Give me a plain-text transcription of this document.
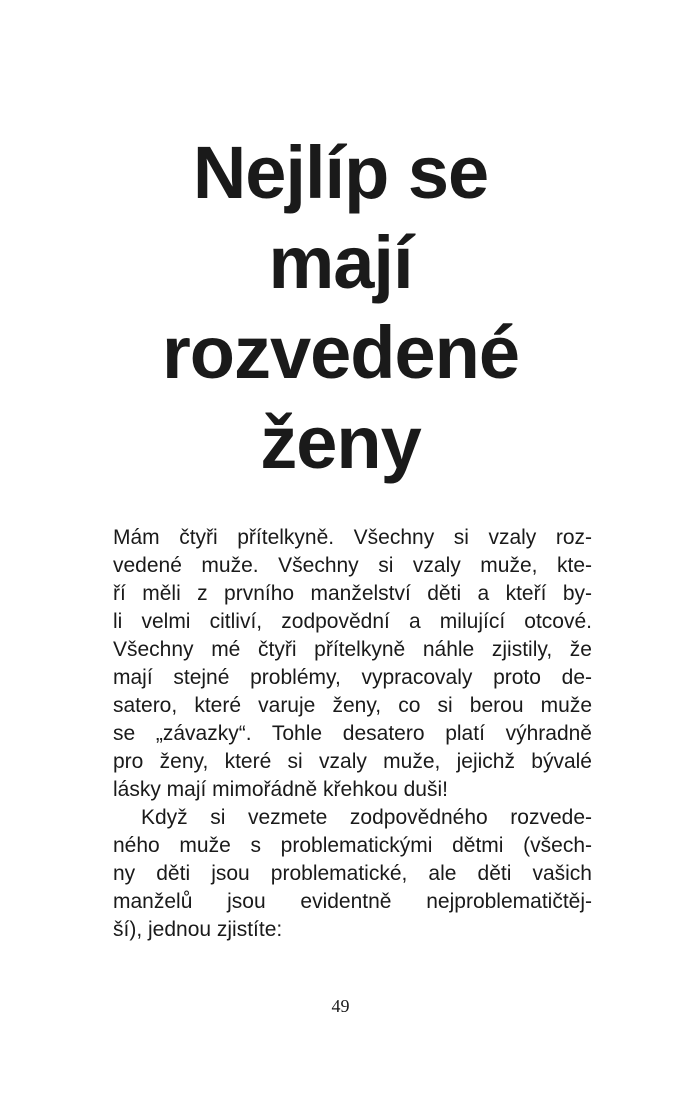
Nejlíp se
mají
rozvedené
ženy
Mám čtyři přítelkyně. Všechny si vzaly roz-
vedené muže. Všechny si vzaly muže, kte-
ří měli z prvního manželství děti a kteří by-
li velmi citliví, zodpovědní a milující otcové.
Všechny mé čtyři přítelkyně náhle zjistily, že
mají stejné problémy, vypracovaly proto de-
satero, které varuje ženy, co si berou muže
se „závazky“. Tohle desatero platí výhradně
pro ženy, které si vzaly muže, jejichž bývalé
lásky mají mimořádně křehkou duši!
Když si vezmete zodpovědného rozvede-
ného muže s problematickými dětmi (všech-
ny děti jsou problematické, ale děti vašich
manželů jsou evidentně nejproblematičtěj-
ší), jednou zjistíte:
49
